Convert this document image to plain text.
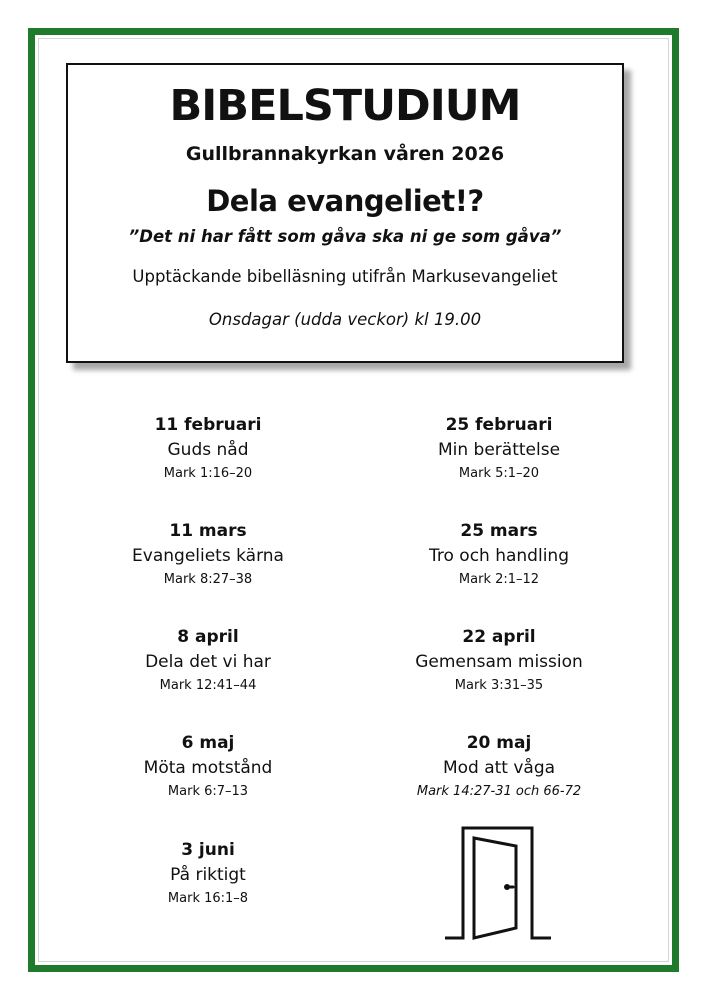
BIBELSTUDIUM
Gullbrannakyrkan våren 2026
Dela evangeliet!?
”Det ni har fått som gåva ska ni ge som gåva”
Upptäckande bibelläsning utifrån Markusevangeliet
Onsdagar (udda veckor) kl 19.00
11 februari
Guds nåd
Mark 1:16–20
25 februari
Min berättelse
Mark 5:1–20
11 mars
Evangeliets kärna
Mark 8:27–38
25 mars
Tro och handling
Mark 2:1–12
8 april
Dela det vi har
Mark 12:41–44
22 april
Gemensam mission
Mark 3:31–35
6 maj
Möta motstånd
Mark 6:7–13
20 maj
Mod att våga
Mark 14:27-31 och 66-72
3 juni
På riktigt
Mark 16:1–8
